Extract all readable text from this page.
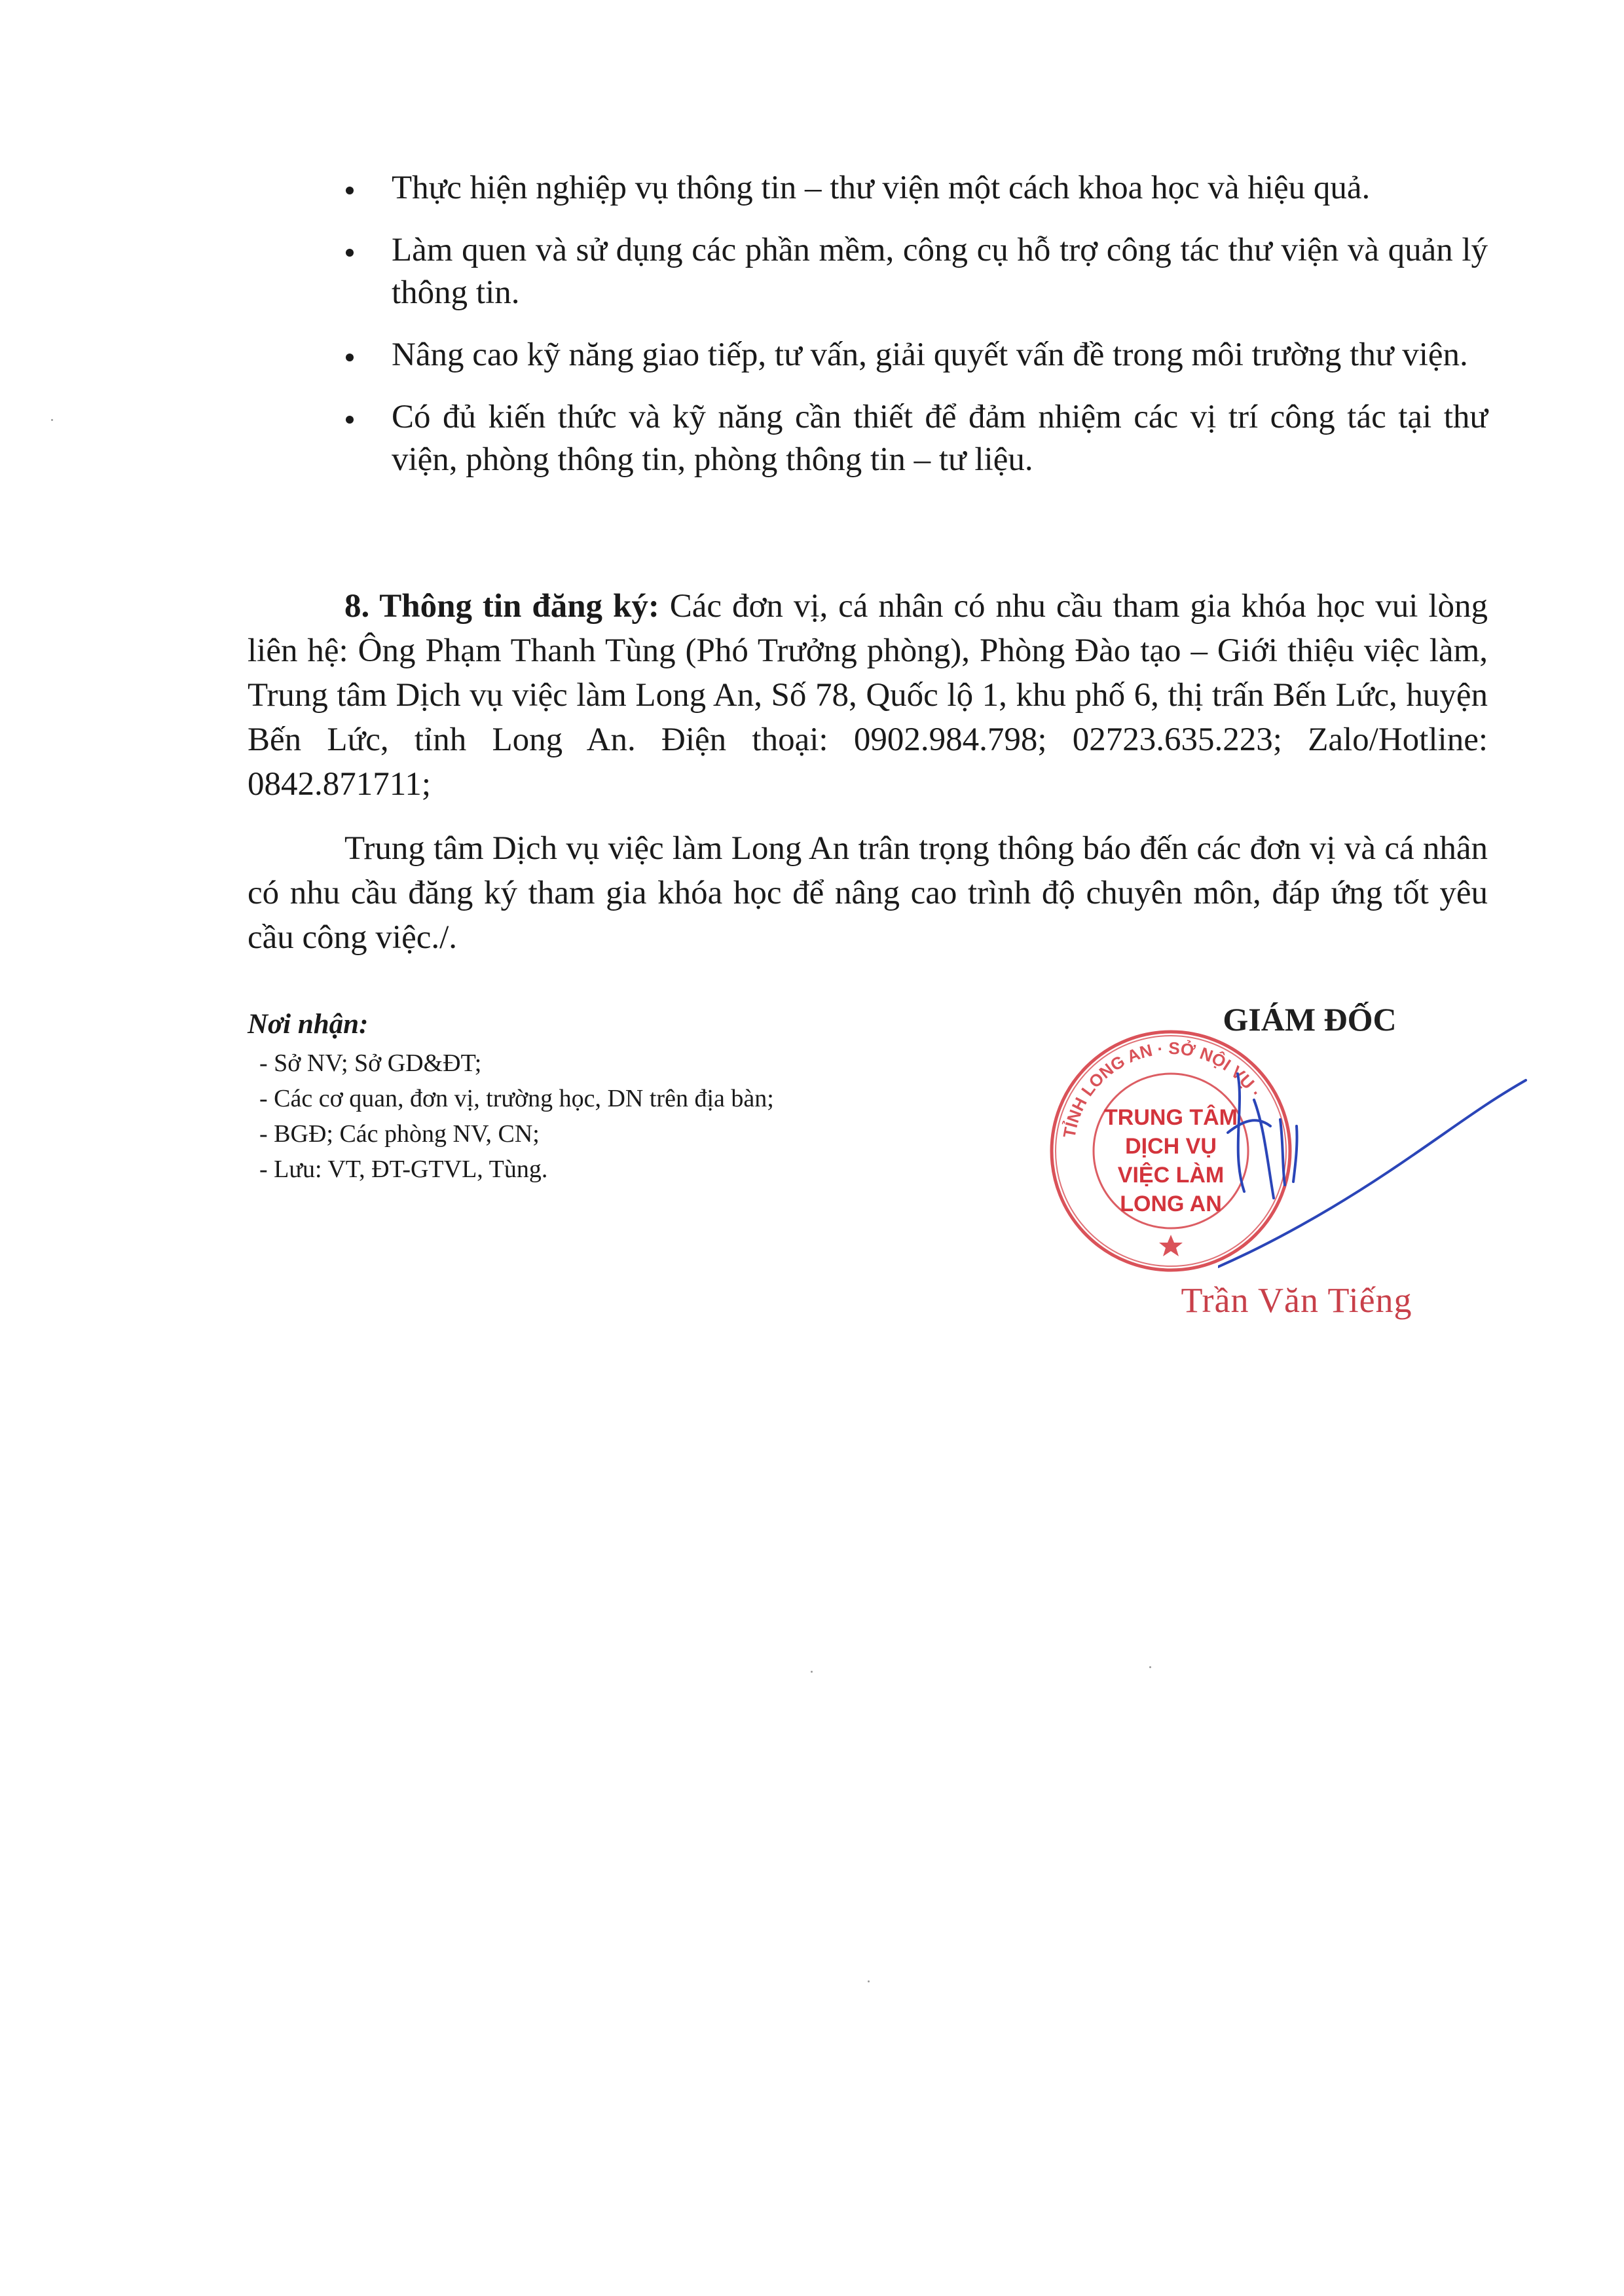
Thực hiện nghiệp vụ thông tin – thư viện một cách khoa học và hiệu quả.
Làm quen và sử dụng các phần mềm, công cụ hỗ trợ công tác thư viện và quản lý thông tin.
Nâng cao kỹ năng giao tiếp, tư vấn, giải quyết vấn đề trong môi trường thư viện.
Có đủ kiến thức và kỹ năng cần thiết để đảm nhiệm các vị trí công tác tại thư viện, phòng thông tin, phòng thông tin – tư liệu.

8. Thông tin đăng ký: Các đơn vị, cá nhân có nhu cầu tham gia khóa học vui lòng liên hệ: Ông Phạm Thanh Tùng (Phó Trưởng phòng), Phòng Đào tạo – Giới thiệu việc làm, Trung tâm Dịch vụ việc làm Long An, Số 78, Quốc lộ 1, khu phố 6, thị trấn Bến Lức, huyện Bến Lức, tỉnh Long An. Điện thoại: 0902.984.798; 02723.635.223; Zalo/Hotline: 0842.871711;

Trung tâm Dịch vụ việc làm Long An trân trọng thông báo đến các đơn vị và cá nhân có nhu cầu đăng ký tham gia khóa học để nâng cao trình độ chuyên môn, đáp ứng tốt yêu cầu công việc./.

Nơi nhận:

- Sở NV; Sở GD&ĐT;
- Các cơ quan, đơn vị, trường học, DN trên địa bàn;
- BGĐ; Các phòng NV, CN;
- Lưu: VT, ĐT-GTVL, Tùng.

GIÁM ĐỐC

TỈNH LONG AN · SỞ NỘI VỤ ·
TRUNG TÂM
DỊCH VỤ
VIỆC LÀM
LONG AN

Trần Văn Tiếng
